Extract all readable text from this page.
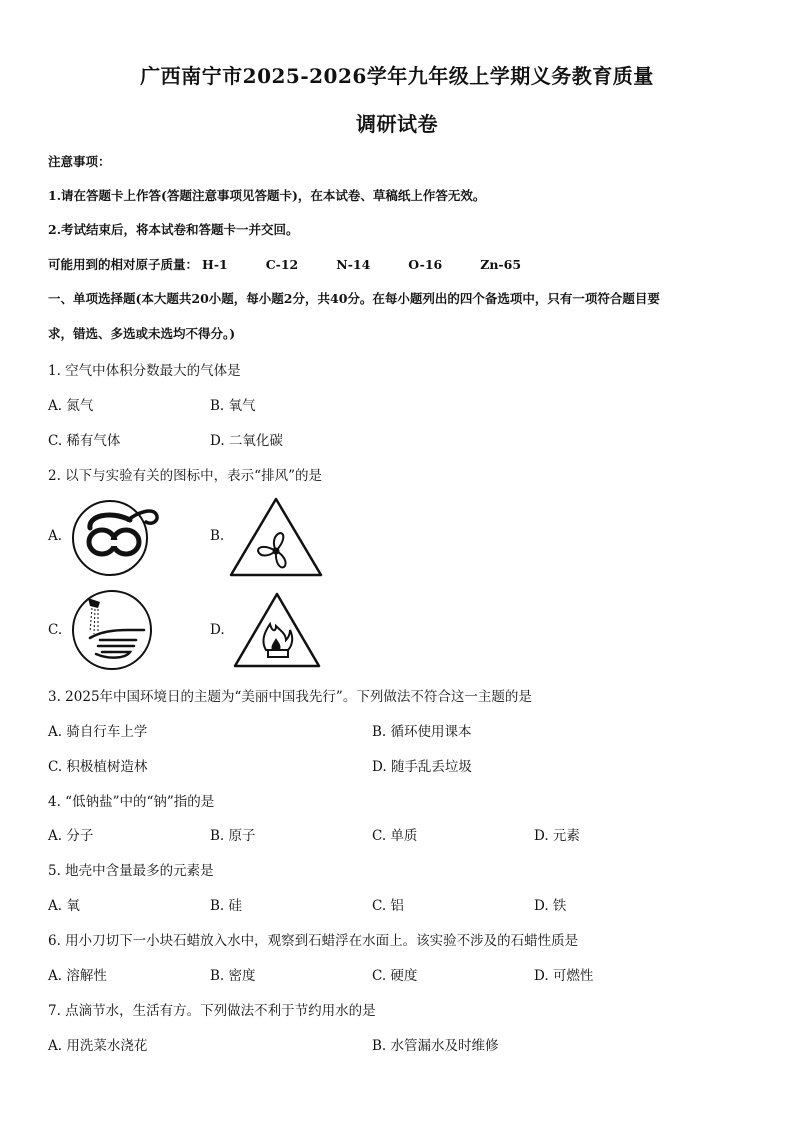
广西南宁市2025-2026学年九年级上学期义务教育质量
调研试卷
注意事项：
1.请在答题卡上作答(答题注意事项见答题卡)，在本试卷、草稿纸上作答无效。
2.考试结束后，将本试卷和答题卡一并交回。
可能用到的相对原子质量： H-1	C-12	N-14	O-16	Zn-65
一、单项选择题(本大题共20小题，每小题2分，共40分。在每小题列出的四个备选项中，只有一项符合题目要
求，错选、多选或未选均不得分。)
1. 空气中体积分数最大的气体是
A. 氮气	B. 氧气
C. 稀有气体	D. 二氧化碳
2. 以下与实验有关的图标中，表示“排风”的是
A.	B.
C.	D.
3. 2025年中国环境日的主题为“美丽中国我先行”。下列做法不符合这一主题的是
A. 骑自行车上学	B. 循环使用课本
C. 积极植树造林	D. 随手乱丢垃圾
4. “低钠盐”中的“钠”指的是
A. 分子	B. 原子	C. 单质	D. 元素
5. 地壳中含量最多的元素是
A. 氧	B. 硅	C. 铝	D. 铁
6. 用小刀切下一小块石蜡放入水中，观察到石蜡浮在水面上。该实验不涉及的石蜡性质是
A. 溶解性	B. 密度	C. 硬度	D. 可燃性
7. 点滴节水，生活有方。下列做法不利于节约用水的是
A. 用洗菜水浇花	B. 水管漏水及时维修
